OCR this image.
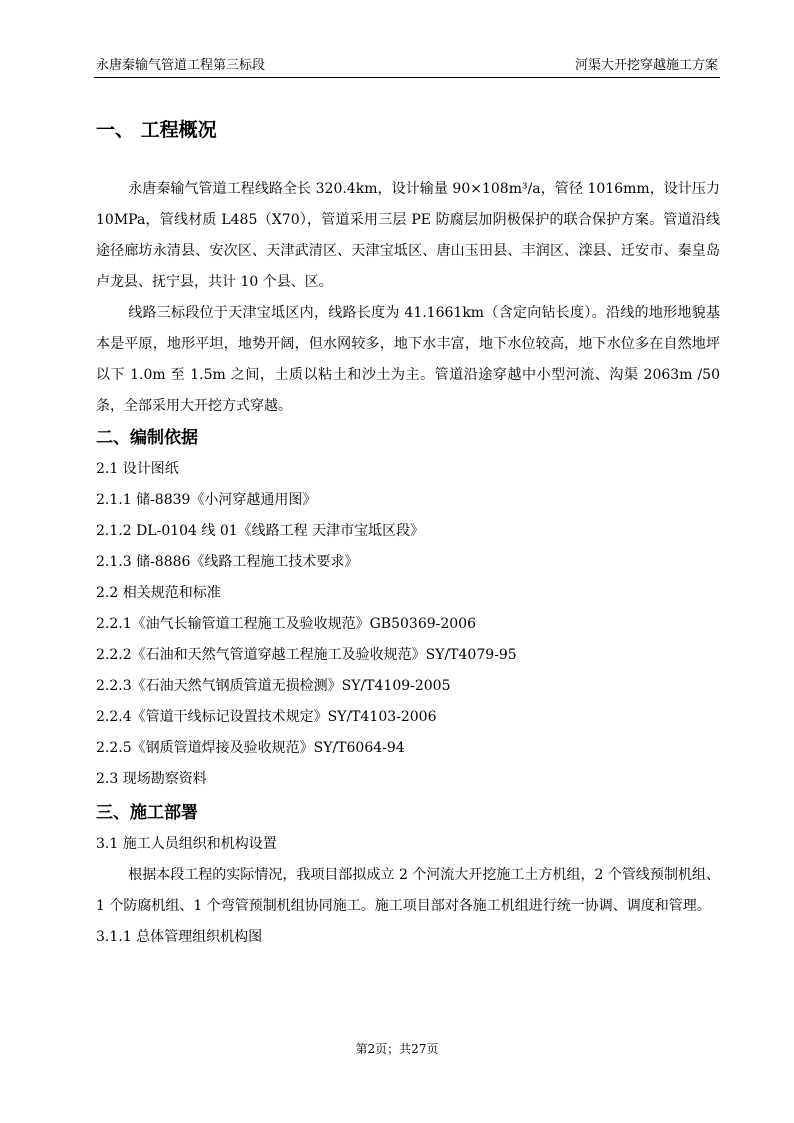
永唐秦输气管道工程第三标段	河渠大开挖穿越施工方案
一、 工程概况

永唐秦输气管道工程线路全长 320.4km，设计输量 90×108m³/a，管径 1016mm，设计压力 10MPa，管线材质 L485（X70），管道采用三层 PE 防腐层加阴极保护的联合保护方案。管道沿线途径廊坊永清县、安次区、天津武清区、天津宝坻区、唐山玉田县、丰润区、滦县、迁安市、秦皇岛卢龙县、抚宁县，共计 10 个县、区。

线路三标段位于天津宝坻区内，线路长度为 41.1661km（含定向钻长度）。沿线的地形地貌基本是平原，地形平坦，地势开阔，但水网较多，地下水丰富，地下水位较高，地下水位多在自然地坪以下 1.0m 至 1.5m 之间，土质以粘土和沙土为主。管道沿途穿越中小型河流、沟渠 2063m /50 条，全部采用大开挖方式穿越。

二、编制依据
2.1 设计图纸
2.1.1 储-8839《小河穿越通用图》
2.1.2 DL-0104 线 01《线路工程 天津市宝坻区段》
2.1.3 储-8886《线路工程施工技术要求》
2.2 相关规范和标准
2.2.1《油气长输管道工程施工及验收规范》GB50369-2006
2.2.2《石油和天然气管道穿越工程施工及验收规范》SY/T4079-95
2.2.3《石油天然气钢质管道无损检测》SY/T4109-2005
2.2.4《管道干线标记设置技术规定》SY/T4103-2006
2.2.5《钢质管道焊接及验收规范》SY/T6064-94
2.3 现场勘察资料
三、施工部署
3.1 施工人员组织和机构设置

根据本段工程的实际情况，我项目部拟成立 2 个河流大开挖施工土方机组，2 个管线预制机组、1 个防腐机组、1 个弯管预制机组协同施工。施工项目部对各施工机组进行统一协调、调度和管理。

3.1.1 总体管理组织机构图
第2页；共27页
